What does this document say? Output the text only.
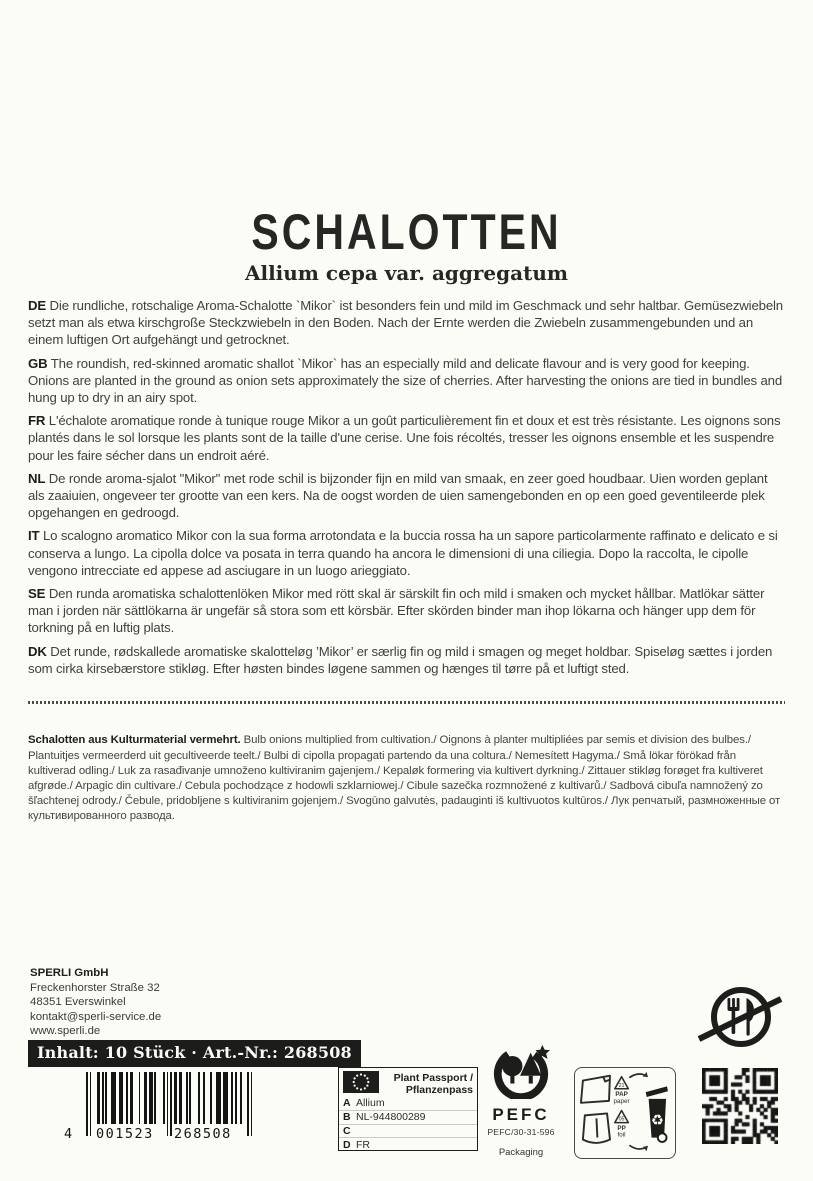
SCHALOTTEN
Allium cepa var. aggregatum

DE Die rundliche, rotschalige Aroma-Schalotte `Mikor` ist besonders fein und mild im Geschmack und sehr haltbar. Gemüsezwiebeln setzt man als etwa kirschgroße Steckzwiebeln in den Boden. Nach der Ernte werden die Zwiebeln zusammengebunden und an einem luftigen Ort aufgehängt und getrocknet.

GB The roundish, red-skinned aromatic shallot `Mikor` has an especially mild and delicate flavour and is very good for keeping. Onions are planted in the ground as onion sets approximately the size of cherries. After harvesting the onions are tied in bundles and hung up to dry in an airy spot.

FR L'échalote aromatique ronde à tunique rouge Mikor a un goût particulièrement fin et doux et est très résistante. Les oignons sons plantés dans le sol lorsque les plants sont de la taille d'une cerise. Une fois récoltés, tresser les oignons ensemble et les suspendre pour les faire sécher dans un endroit aéré.

NL De ronde aroma-sjalot "Mikor" met rode schil is bijzonder fijn en mild van smaak, en zeer goed houdbaar. Uien worden geplant als zaaiuien, ongeveer ter grootte van een kers. Na de oogst worden de uien samengebonden en op een goed geventileerde plek opgehangen en gedroogd.

IT Lo scalogno aromatico Mikor con la sua forma arrotondata e la buccia rossa ha un sapore particolarmente raffinato e delicato e si conserva a lungo. La cipolla dolce va posata in terra quando ha ancora le dimensioni di una ciliegia. Dopo la raccolta, le cipolle vengono intrecciate ed appese ad asciugare in un luogo arieggiato.

SE Den runda aromatiska schalottenlöken Mikor med rött skal är särskilt fin och mild i smaken och mycket hållbar. Matlökar sätter man i jorden när sättlökarna är ungefär så stora som ett körsbär. Efter skörden binder man ihop lökarna och hänger upp dem för torkning på en luftig plats.

DK Det runde, rødskallede aromatiske skalotteløg ’Mikor’ er særlig fin og mild i smagen og meget holdbar. Spiseløg sættes i jorden som cirka kirsebærstore stikløg. Efter høsten bindes løgene sammen og hænges til tørre på et luftigt sted.

Schalotten aus Kulturmaterial vermehrt. Bulb onions multiplied from cultivation./ Oignons à planter multipliées par semis et division des bulbes./ Plantuitjes vermeerderd uit gecultiveerde teelt./ Bulbi di cipolla propagati partendo da una coltura./ Nemesített Hagyma./ Små lökar förökad från kultiverad odling./ Luk za rasađivanje umnoženo kultiviranim gajenjem./ Kepaløk formering via kultivert dyrkning./ Zittauer stikløg forøget fra kultiveret afgrøde./ Arpagic din cultivare./ Cebula pochodzące z hodowli szklarniowej./ Cibule sazečka rozmnožené z kultivarů./ Sadbová cibuľa namnožený zo šľachtenej odrody./ Čebule, pridobljene s kultiviranim gojenjem./ Svogūno galvutės, padauginti iš kultivuotos kultūros./ Лук репчатый, размноженные от культивированного развода.

SPERLI GmbH
Freckenhorster Straße 32
48351 Everswinkel
kontakt@sperli-service.de
www.sperli.de
Inhalt: 10 Stück · Art.-Nr.: 268508
4 001523 268508
Plant Passport /
Pflanzenpass
A Allium
B NL-944800289
C
D FR
PEFC
PEFC/30-31-596
Packaging
21
PAP
paper
05
PP
foil
♻
